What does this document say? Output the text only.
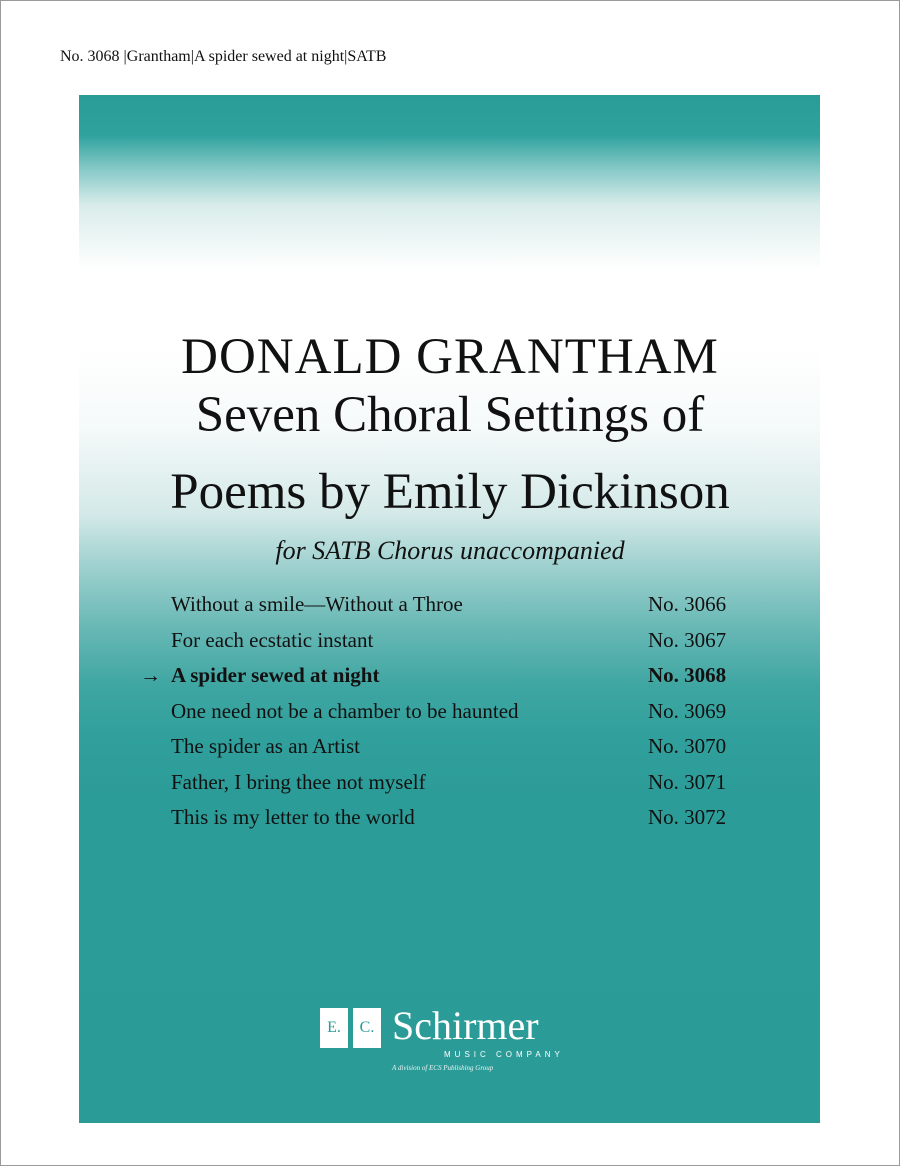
No. 3068 |Grantham|A spider sewed at night|SATB
DONALD GRANTHAM
Seven Choral Settings of
Poems by Emily Dickinson
for SATB Chorus unaccompanied
Without a smile—Without a Throe	No. 3066
For each ecstatic instant	No. 3067
→ A spider sewed at night	No. 3068
One need not be a chamber to be haunted	No. 3069
The spider as an Artist	No. 3070
Father, I bring thee not myself	No. 3071
This is my letter to the world	No. 3072
E.	C. Schirmer
MUSIC COMPANY
A division of ECS Publishing Group
